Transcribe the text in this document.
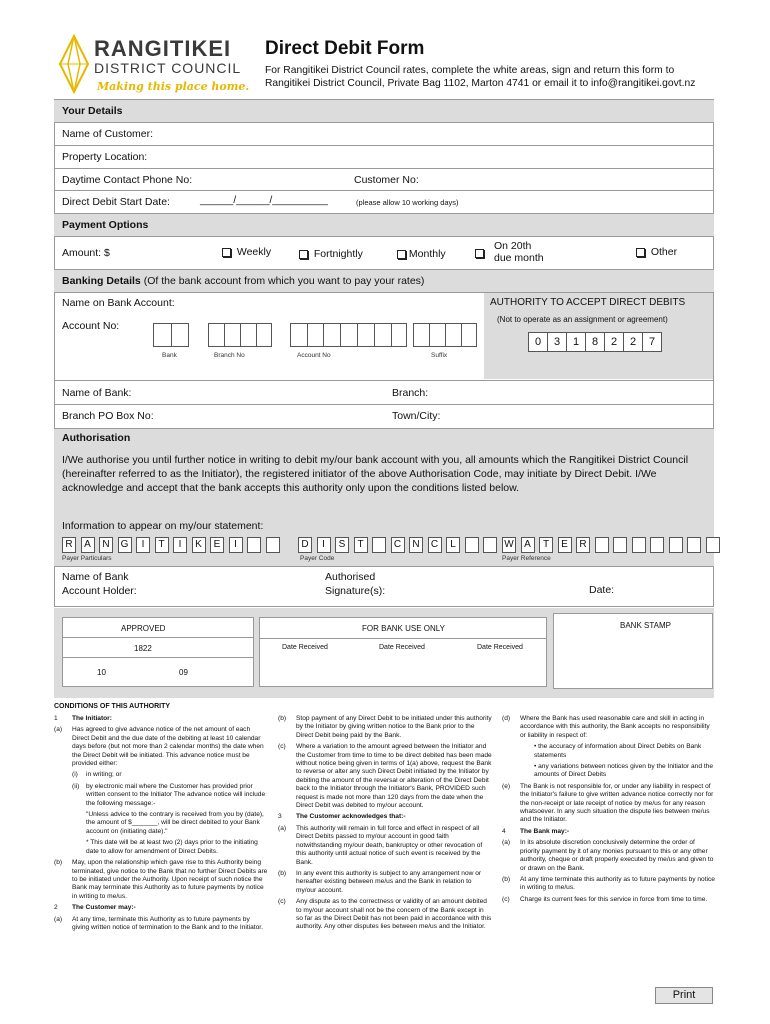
RANGITIKEI
DISTRICT COUNCIL
Making this place home.
Direct Debit Form
For Rangitikei District Council rates, complete the white areas, sign and return this form to Rangitikei District Council, Private Bag 1102, Marton 4741 or email it to info@rangitikei.govt.nz
Your Details
Name of Customer:
Property Location:
Daytime Contact Phone No:	Customer No:
Direct Debit Start Date:	______/______/__________	(please allow 10 working days)
Payment Options
Amount: $	Weekly	Fortnightly	Monthly
On 20th
due month	Other
Banking Details (Of the bank account from which you want to pay your rates)
Name on Bank Account:
Account No:
AUTHORITY TO ACCEPT DIRECT DEBITS
(Not to operate as an assignment or agreement)
0	3	1	8	2	2	7
Bank	Branch No	Account No	Suffix
Name of Bank:	Branch:
Branch PO Box No:	Town/City:
Authorisation
I/We authorise you until further notice in writing to debit my/our bank account with you, all amounts which the Rangitikei District Council (hereinafter referred to as the Initiator), the registered initiator of the above Authorisation Code, may initiate by Direct Debit. I/We acknowledge and accept that the bank accepts this authority only upon the conditions listed below.
Information to appear on my/our statement:
R	A	N	G	I	T	I	K	E	I	D	I	S	T	C	N	C	L	W	A	T	E	R
Payer Particulars	Payer Code	Payer Reference
Name of Bank
Account Holder:
Authorised
Signature(s):	Date:
APPROVED
1822
10	09
FOR BANK USE ONLY
Date Received	Date Received	Date Received
BANK STAMP
CONDITIONS OF THIS AUTHORITY
1 The Initiator:
(a) Has agreed to give advance notice of the net amount of each Direct Debit and the due date of the debiting at least 10 calendar days before (but not more than 2 calendar months) the date when the Direct Debit will be initiated. This advance notice must be provided either:
(i) in writing; or
(ii) by electronic mail where the Customer has provided prior written consent to the Initiator The advance notice will include the following message:-
"Unless advice to the contrary is received from you by (date), the amount of $_______, will be direct debited to your Bank account on (initiating date)."
* This date will be at least two (2) days prior to the initiating date to allow for amendment of Direct Debits.
(b) May, upon the relationship which gave rise to this Authority being terminated, give notice to the Bank that no further Direct Debits are to be initiated under the Authority. Upon receipt of such notice the Bank may terminate this Authority as to future payments by notice in writing to me/us.
2 The Customer may:-
(a) At any time, terminate this Authority as to future payments by giving written notice of termination to the Bank and to the Initiator.
(b) Stop payment of any Direct Debit to be initiated under this authority by the Initiator by giving written notice to the Bank prior to the Direct Debit being paid by the Bank.
(c) Where a variation to the amount agreed between the Initiator and the Customer from time to time to be direct debited has been made without notice being given in terms of 1(a) above, request the Bank to reverse or alter any such Direct Debit initiated by the Initiator by debiting the amount of the reversal or alteration of the Direct Debit back to the Initiator through the Initiator's Bank, PROVIDED such request is made not more than 120 days from the date when the Direct Debit was debited to my/our account.
3 The Customer acknowledges that:-
(a) This authority will remain in full force and effect in respect of all Direct Debits passed to my/our account in good faith notwithstanding my/our death, bankruptcy or other revocation of this authority until actual notice of such event is received by the Bank.
(b) In any event this authority is subject to any arrangement now or hereafter existing between me/us and the Bank in relation to my/our account.
(c) Any dispute as to the correctness or validity of an amount debited to my/our account shall not be the concern of the Bank except in so far as the Direct Debit has not been paid in accordance with this authority. Any other disputes lies between me/us and the Initiator.
(d) Where the Bank has used reasonable care and skill in acting in accordance with this authority, the Bank accepts no responsibility or liability in respect of:
• the accuracy of information about Direct Debits on Bank statements
• any variations between notices given by the Initiator and the amounts of Direct Debits
(e) The Bank is not responsible for, or under any liability in respect of the Initiator's failure to give written advance notice correctly nor for the non-receipt or late receipt of notice by me/us for any reason whatsoever. In any such situation the dispute lies between me/us and the Initiator.
4 The Bank may:-
(a) In its absolute discretion conclusively determine the order of priority payment by it of any monies pursuant to this or any other authority, cheque or draft properly executed by me/us and given to or drawn on the Bank.
(b) At any time terminate this authority as to future payments by notice in writing to me/us.
(c) Charge its current fees for this service in force from time to time.
Print
